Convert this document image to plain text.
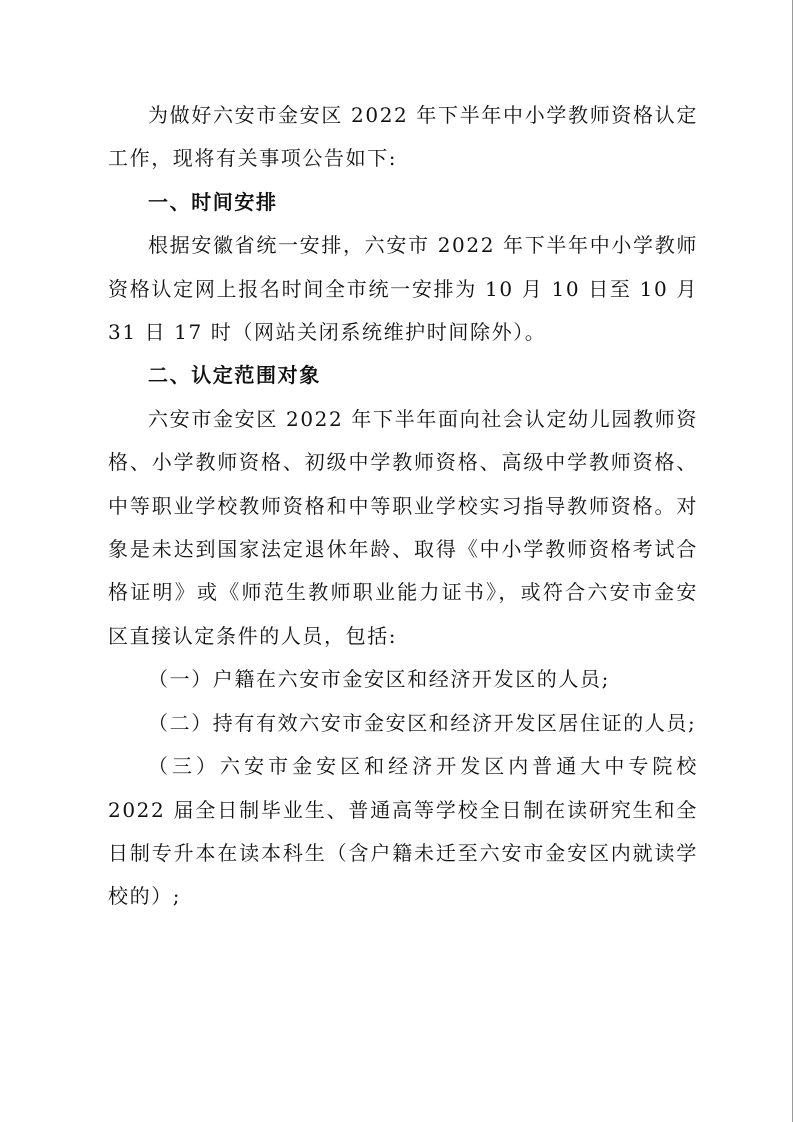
为做好六安市金安区 2022 年下半年中小学教师资格认定工作，现将有关事项公告如下:

一、时间安排

根据安徽省统一安排，六安市 2022 年下半年中小学教师资格认定网上报名时间全市统一安排为 10 月 10 日至 10 月 31 日 17 时（网站关闭系统维护时间除外）。

二、认定范围对象

六安市金安区 2022 年下半年面向社会认定幼儿园教师资格、小学教师资格、初级中学教师资格、高级中学教师资格、中等职业学校教师资格和中等职业学校实习指导教师资格。对象是未达到国家法定退休年龄、取得《中小学教师资格考试合格证明》或《师范生教师职业能力证书》，或符合六安市金安区直接认定条件的人员，包括:

（一）户籍在六安市金安区和经济开发区的人员;

（二）持有有效六安市金安区和经济开发区居住证的人员;

（三）六安市金安区和经济开发区内普通大中专院校 2022 届全日制毕业生、普通高等学校全日制在读研究生和全日制专升本在读本科生（含户籍未迁至六安市金安区内就读学校的）;
